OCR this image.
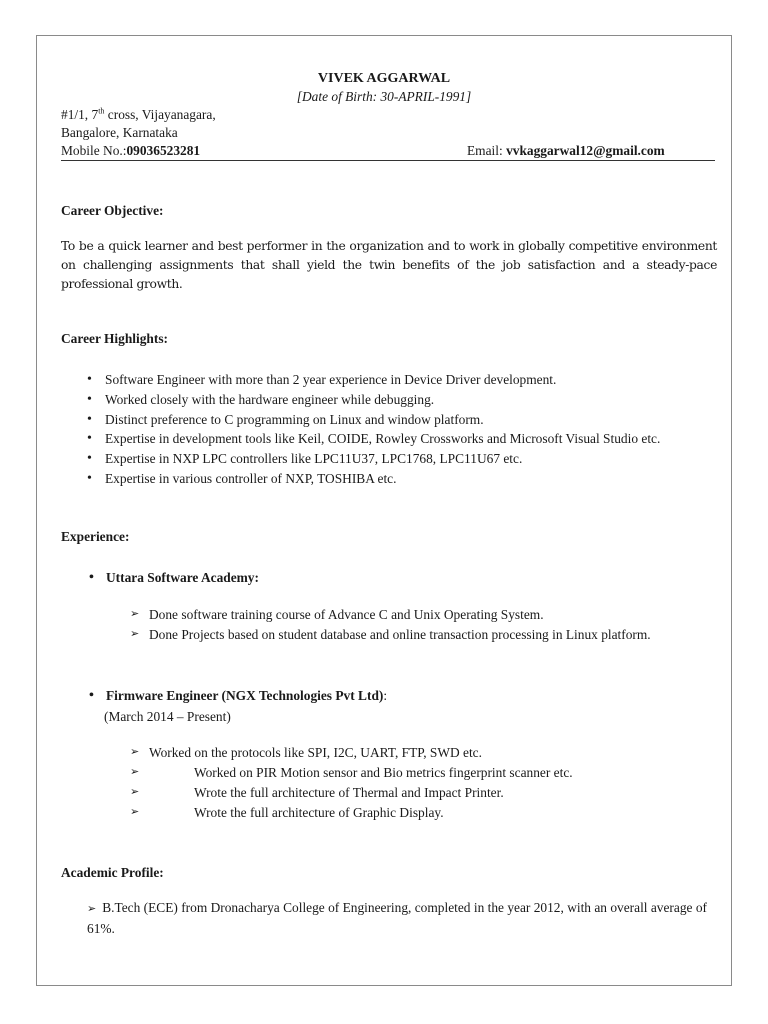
VIVEK AGGARWAL
[Date of Birth: 30-APRIL-1991]
#1/1, 7th cross, Vijayanagara,
Bangalore, Karnataka
Mobile No.:09036523281	Email: vvkaggarwal12@gmail.com
Career Objective:
To be a quick learner and best performer in the organization and to work in globally competitive environment on challenging assignments that shall yield the twin benefits of the job satisfaction and a steady-pace professional growth.
Career Highlights:
• Software Engineer with more than 2 year experience in Device Driver development.
• Worked closely with the hardware engineer while debugging.
• Distinct preference to C programming on Linux and window platform.
• Expertise in development tools like Keil, COIDE, Rowley Crossworks and Microsoft Visual Studio etc.
• Expertise in NXP LPC controllers like LPC11U37, LPC1768, LPC11U67 etc.
• Expertise in various controller of NXP, TOSHIBA etc.
Experience:
• Uttara Software Academy:
➢ Done software training course of Advance C and Unix Operating System.
➢ Done Projects based on student database and online transaction processing in Linux platform.
• Firmware Engineer (NGX Technologies Pvt Ltd):
(March 2014 – Present)
➢ Worked on the protocols like SPI, I2C, UART, FTP, SWD etc.
➢ Worked on PIR Motion sensor and Bio metrics fingerprint scanner etc.
➢ Wrote the full architecture of Thermal and Impact Printer.
➢ Wrote the full architecture of Graphic Display.
Academic Profile:
➢ B.Tech (ECE) from Dronacharya College of Engineering, completed in the year 2012, with an overall average of 61%.
